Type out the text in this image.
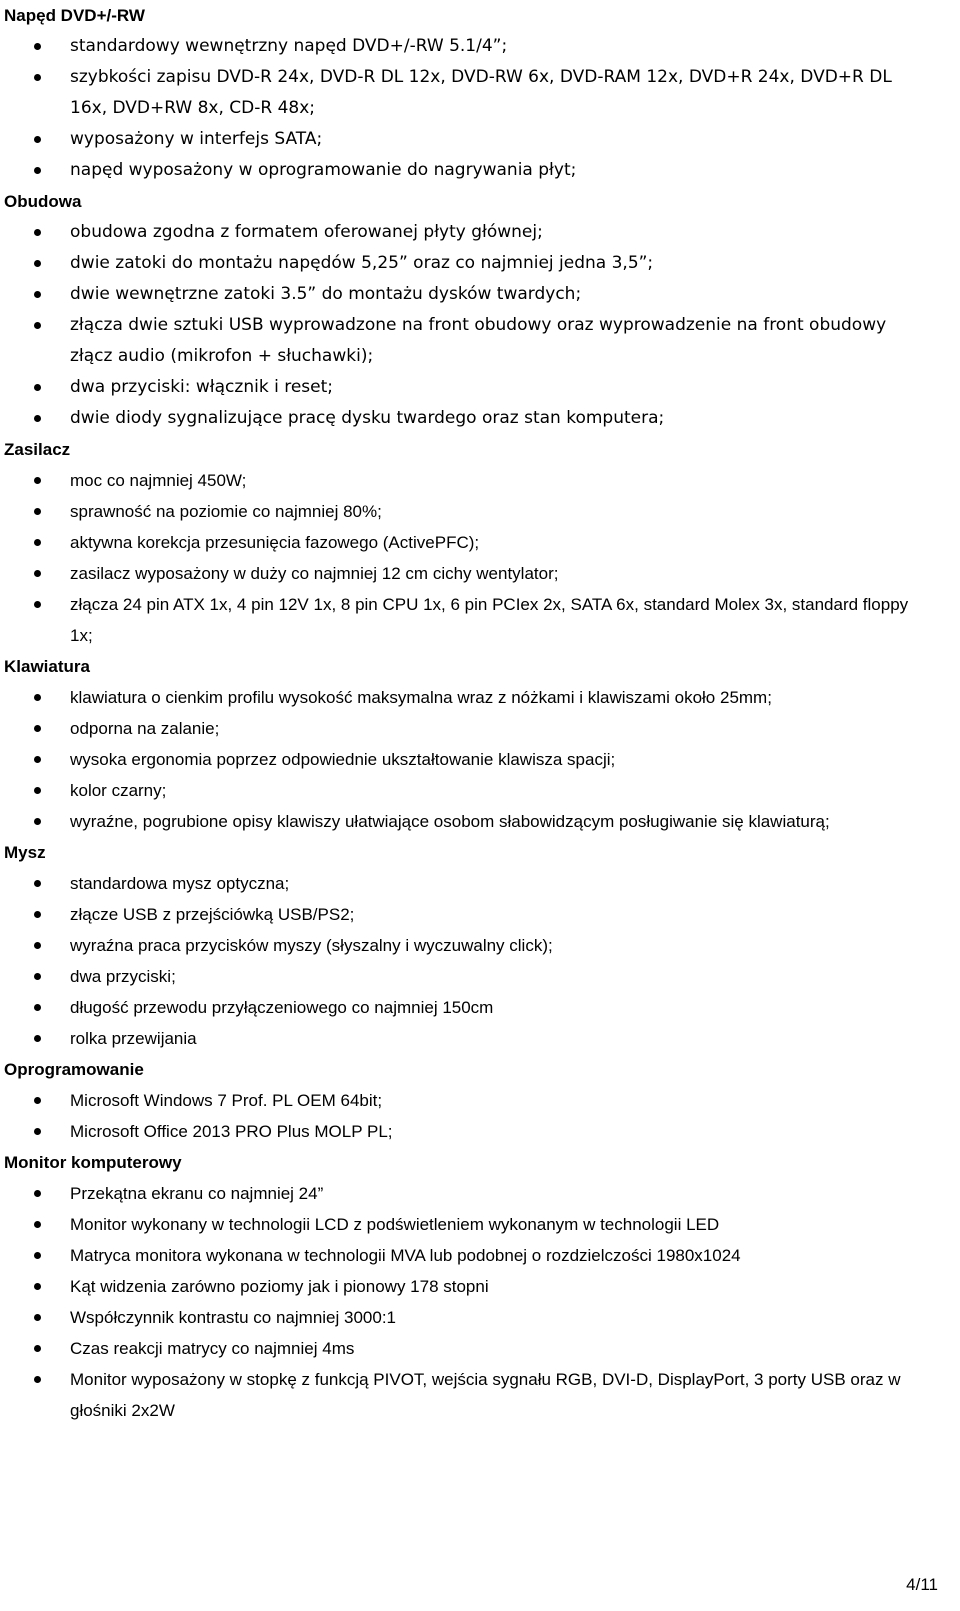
Napęd DVD+/-RW
standardowy wewnętrzny napęd DVD+/-RW 5.1/4”;
szybkości zapisu DVD-R 24x, DVD-R DL 12x, DVD-RW 6x, DVD-RAM 12x, DVD+R 24x, DVD+R DL 16x, DVD+RW 8x, CD-R 48x;
wyposażony w interfejs SATA;
napęd wyposażony w oprogramowanie do nagrywania płyt;
Obudowa
obudowa zgodna z formatem oferowanej płyty głównej;
dwie zatoki do montażu napędów 5,25” oraz co najmniej jedna 3,5”;
dwie wewnętrzne zatoki 3.5” do montażu dysków twardych;
złącza dwie sztuki USB wyprowadzone na front obudowy oraz wyprowadzenie na front obudowy złącz audio (mikrofon + słuchawki);
dwa przyciski: włącznik i reset;
dwie diody sygnalizujące pracę dysku twardego oraz stan komputera;
Zasilacz
moc co najmniej 450W;
sprawność na poziomie co najmniej 80%;
aktywna korekcja przesunięcia fazowego (ActivePFC);
zasilacz wyposażony w duży co najmniej 12 cm cichy wentylator;
złącza 24 pin ATX 1x, 4 pin 12V 1x, 8 pin CPU 1x, 6 pin PCIex 2x, SATA 6x, standard Molex 3x, standard floppy 1x;
Klawiatura
klawiatura o cienkim profilu wysokość maksymalna wraz z nóżkami i klawiszami około 25mm;
odporna na zalanie;
wysoka ergonomia poprzez odpowiednie ukształtowanie klawisza spacji;
kolor czarny;
wyraźne, pogrubione opisy klawiszy ułatwiające osobom słabowidzącym posługiwanie się klawiaturą;
Mysz
standardowa mysz optyczna;
złącze USB z przejściówką USB/PS2;
wyraźna praca przycisków myszy (słyszalny i wyczuwalny click);
dwa przyciski;
długość przewodu przyłączeniowego co najmniej 150cm
rolka przewijania
Oprogramowanie
Microsoft Windows 7 Prof. PL OEM 64bit;
Microsoft Office 2013 PRO Plus MOLP PL;
Monitor komputerowy
Przekątna ekranu co najmniej 24”
Monitor wykonany w technologii LCD z podświetleniem wykonanym w technologii LED
Matryca monitora wykonana w technologii MVA lub podobnej o rozdzielczości 1980x1024
Kąt widzenia zarówno poziomy jak i pionowy 178 stopni
Współczynnik kontrastu co najmniej 3000:1
Czas reakcji matrycy co najmniej 4ms
Monitor wyposażony w stopkę z funkcją PIVOT, wejścia sygnału RGB, DVI-D, DisplayPort, 3 porty USB oraz w głośniki 2x2W
4/11
